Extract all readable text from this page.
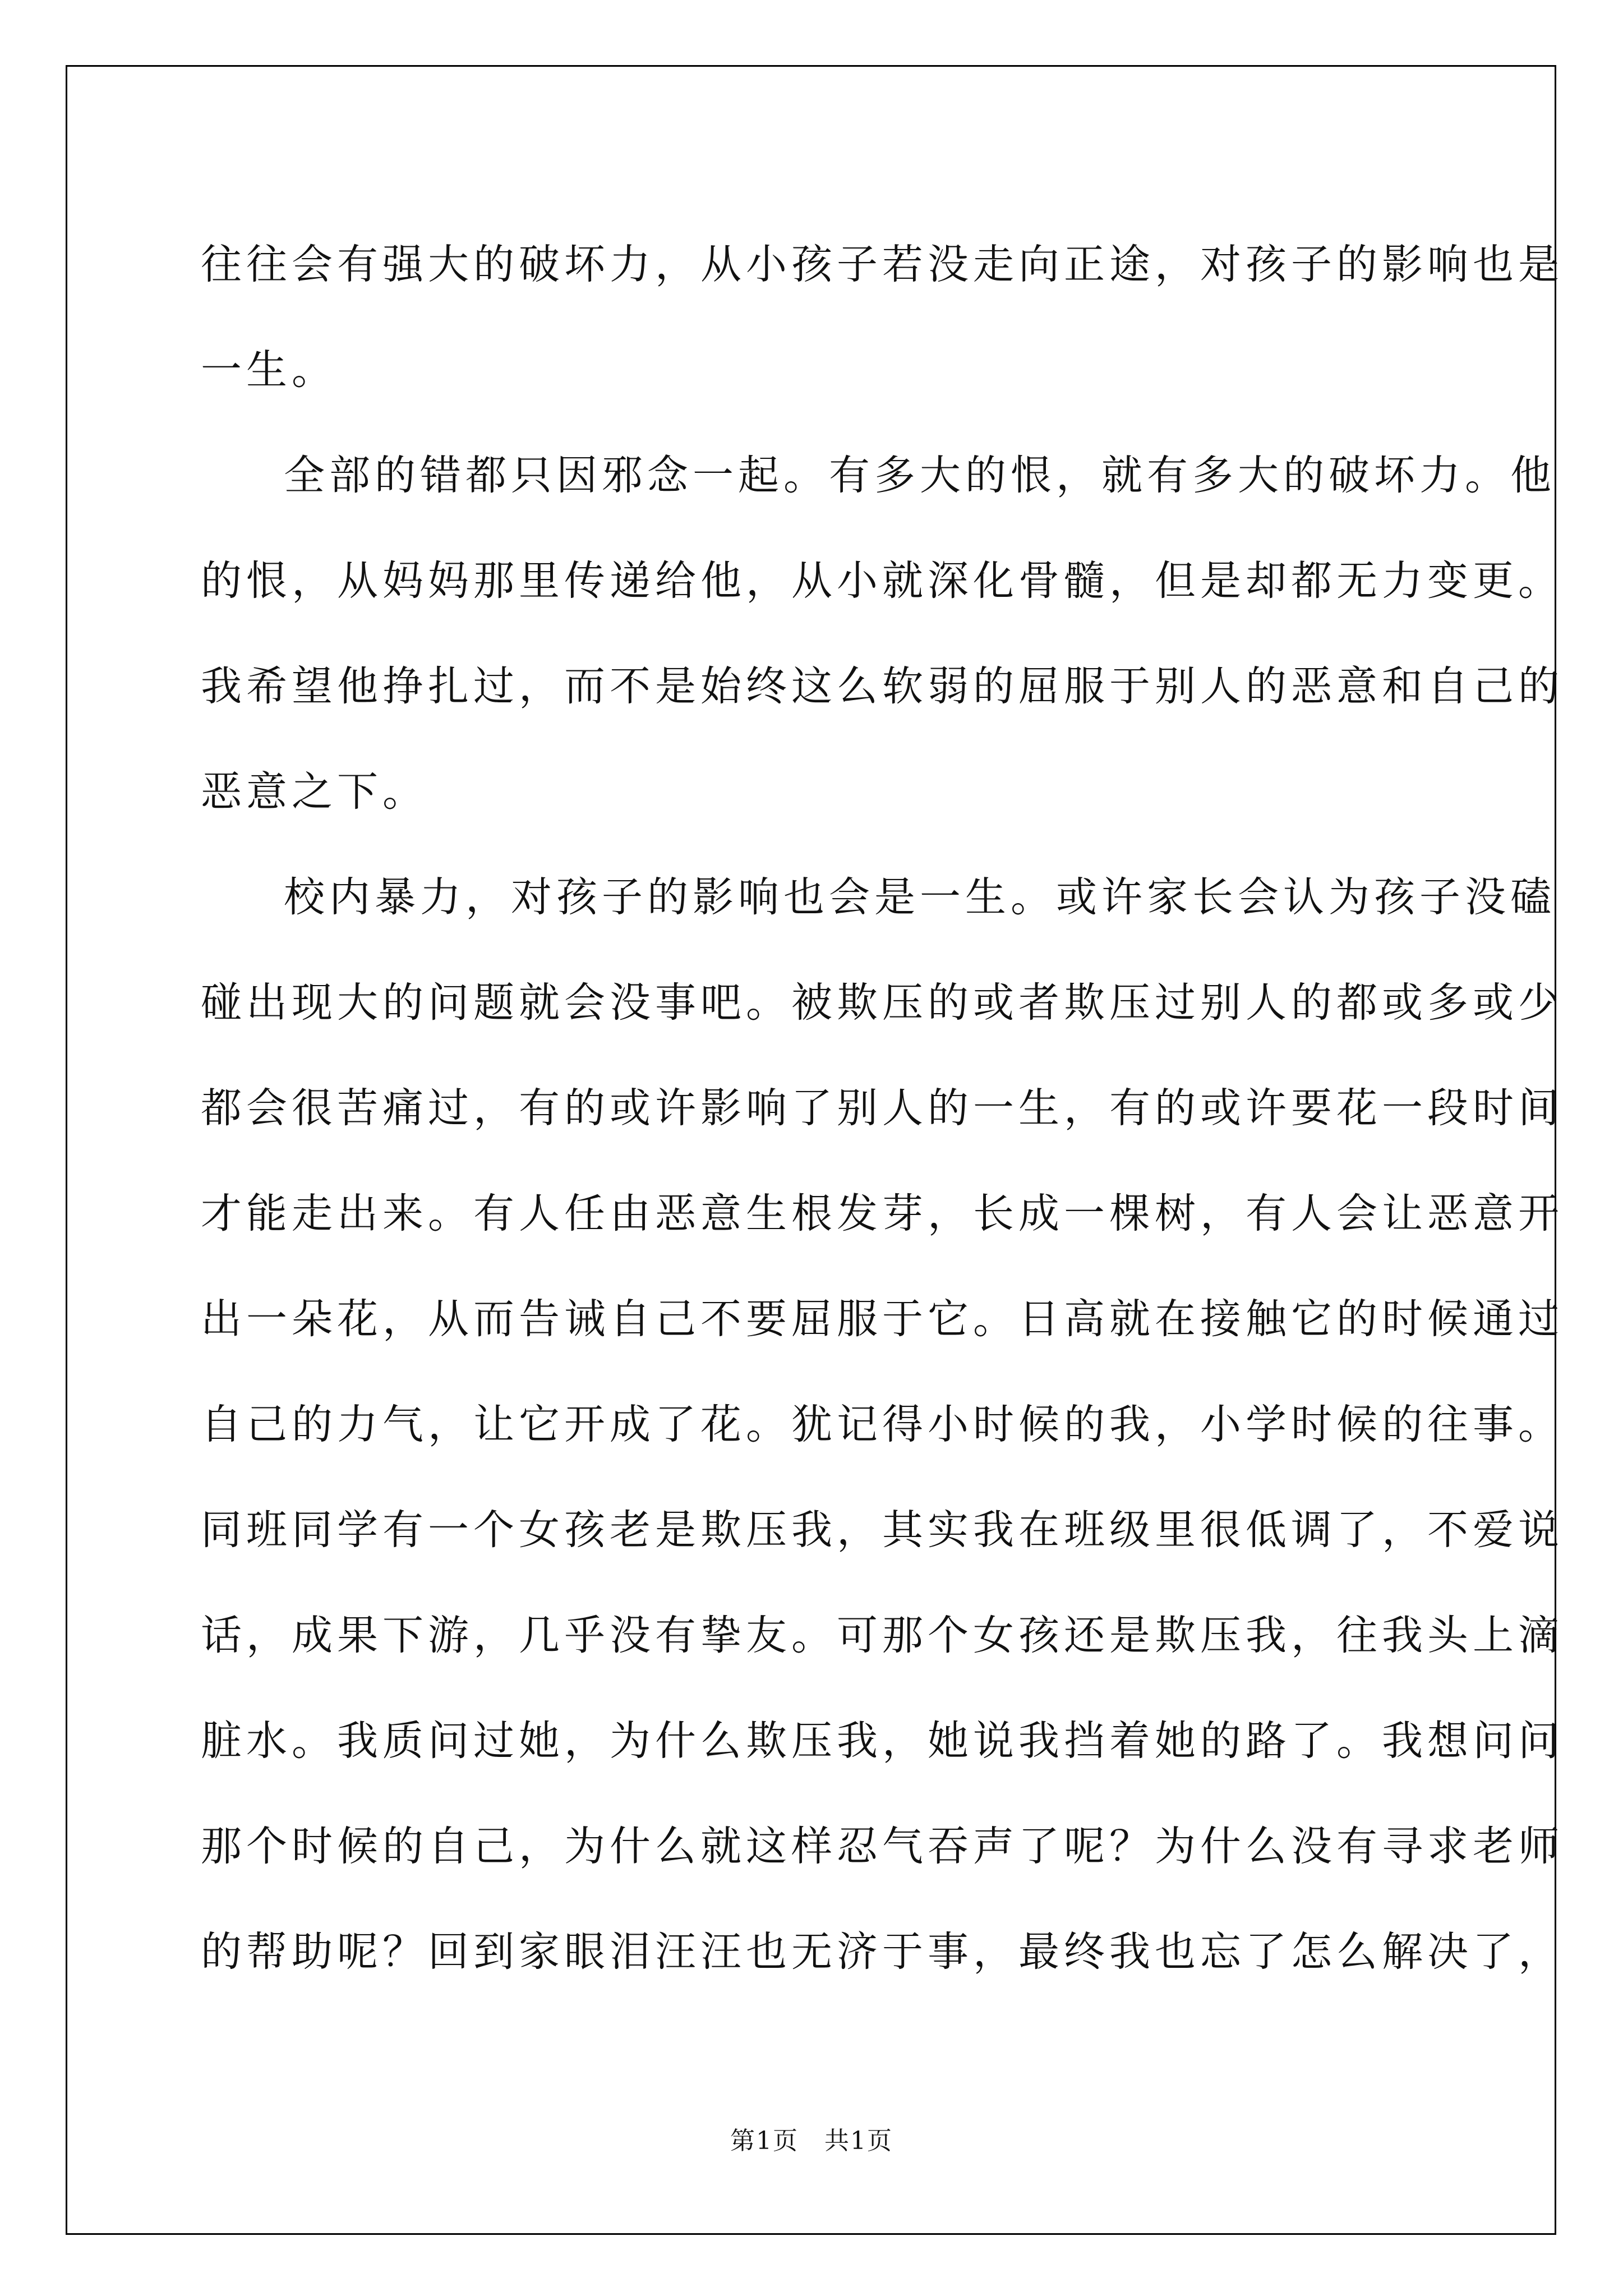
往往会有强大的破坏力，从小孩子若没走向正途，对孩子的影响也是
一生。
全部的错都只因邪念一起。有多大的恨，就有多大的破坏力。他
的恨，从妈妈那里传递给他，从小就深化骨髓，但是却都无力变更。
我希望他挣扎过，而不是始终这么软弱的屈服于别人的恶意和自己的
恶意之下。
校内暴力，对孩子的影响也会是一生。或许家长会认为孩子没磕
碰出现大的问题就会没事吧。被欺压的或者欺压过别人的都或多或少
都会很苦痛过，有的或许影响了别人的一生，有的或许要花一段时间
才能走出来。有人任由恶意生根发芽，长成一棵树，有人会让恶意开
出一朵花，从而告诫自己不要屈服于它。日高就在接触它的时候通过
自己的力气，让它开成了花。犹记得小时候的我，小学时候的往事。
同班同学有一个女孩老是欺压我，其实我在班级里很低调了，不爱说
话，成果下游，几乎没有挚友。可那个女孩还是欺压我，往我头上滴
脏水。我质问过她，为什么欺压我，她说我挡着她的路了。我想问问
那个时候的自己，为什么就这样忍气吞声了呢？为什么没有寻求老师
的帮助呢？回到家眼泪汪汪也无济于事，最终我也忘了怎么解决了，
第1页　共1页
